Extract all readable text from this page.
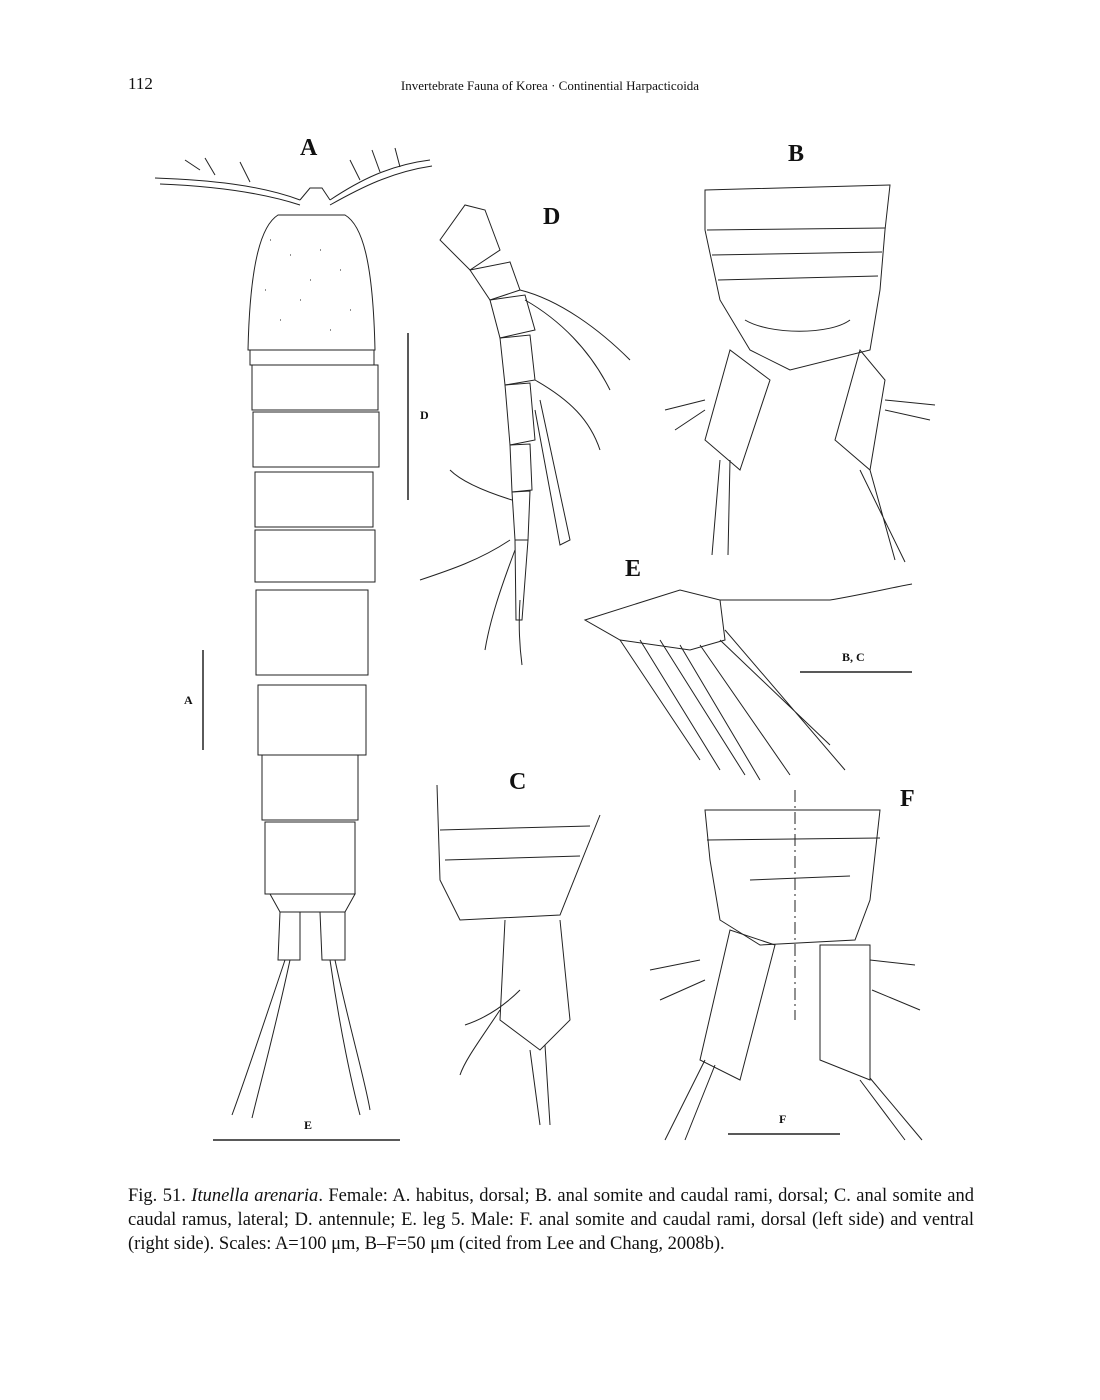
112	Invertebrate Fauna of Korea · Continential Harpacticoida
A	B
C
D
E
F
A
D
B, C
E	F
Fig. 51. Itunella arenaria. Female: A. habitus, dorsal; B. anal somite and caudal rami, dorsal; C. anal somite and caudal ramus, lateral; D. antennule; E. leg 5. Male: F. anal somite and caudal rami, dorsal (left side) and ventral (right side). Scales: A=100 μm, B–F=50 μm (cited from Lee and Chang, 2008b).
